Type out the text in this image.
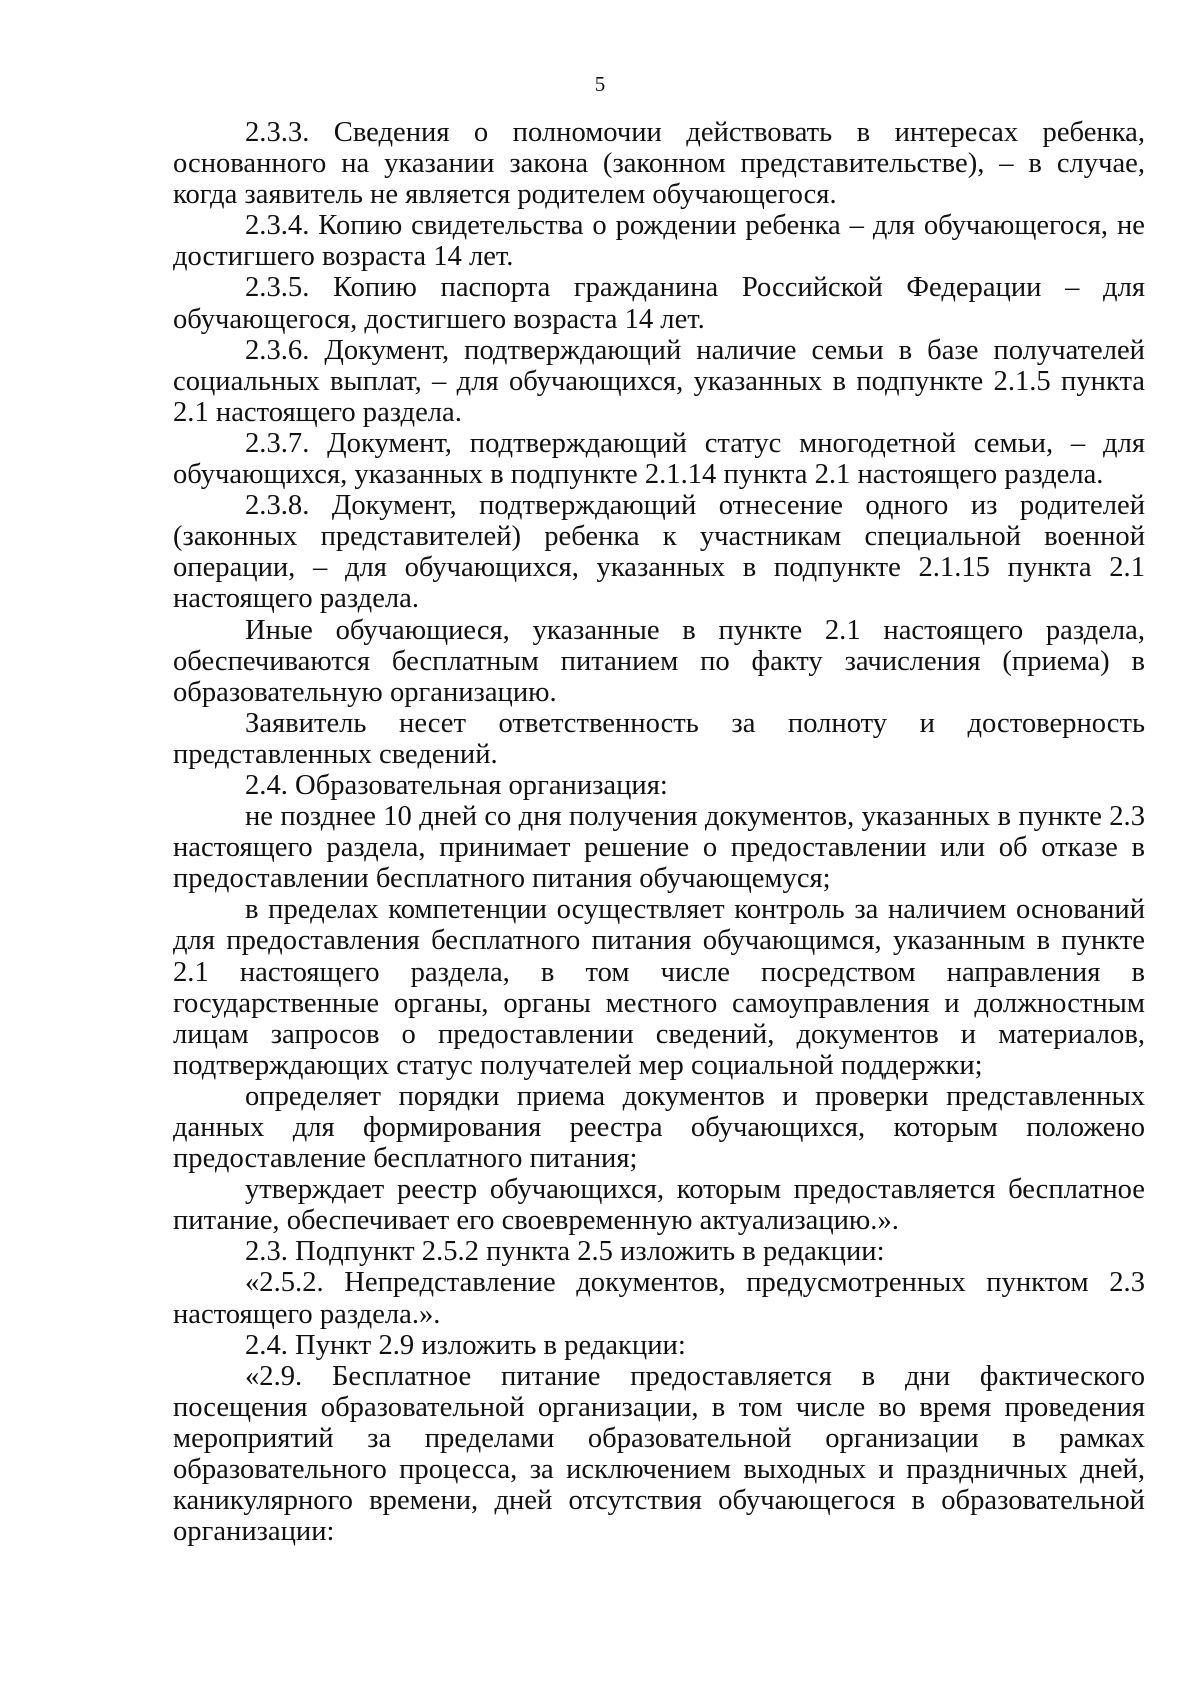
5

2.3.3. Сведения о полномочии действовать в интересах ребенка, основанного на указании закона (законном представительстве), – в случае, когда заявитель не является родителем обучающегося.

2.3.4. Копию свидетельства о рождении ребенка – для обучающегося, не достигшего возраста 14 лет.

2.3.5. Копию паспорта гражданина Российской Федерации – для обучающегося, достигшего возраста 14 лет.

2.3.6. Документ, подтверждающий наличие семьи в базе получателей социальных выплат, – для обучающихся, указанных в подпункте 2.1.5 пункта 2.1 настоящего раздела.

2.3.7. Документ, подтверждающий статус многодетной семьи, – для обучающихся, указанных в подпункте 2.1.14 пункта 2.1 настоящего раздела.

2.3.8. Документ, подтверждающий отнесение одного из родителей (законных представителей) ребенка к участникам специальной военной операции, – для обучающихся, указанных в подпункте 2.1.15 пункта 2.1 настоящего раздела.

Иные обучающиеся, указанные в пункте 2.1 настоящего раздела, обеспечиваются бесплатным питанием по факту зачисления (приема) в образовательную организацию.

Заявитель несет ответственность за полноту и достоверность представленных сведений.

2.4. Образовательная организация:

не позднее 10 дней со дня получения документов, указанных в пункте 2.3 настоящего раздела, принимает решение о предоставлении или об отказе в предоставлении бесплатного питания обучающемуся;

в пределах компетенции осуществляет контроль за наличием оснований для предоставления бесплатного питания обучающимся, указанным в пункте 2.1 настоящего раздела, в том числе посредством направления в государственные органы, органы местного самоуправления и должностным лицам запросов о предоставлении сведений, документов и материалов, подтверждающих статус получателей мер социальной поддержки;

определяет порядки приема документов и проверки представленных данных для формирования реестра обучающихся, которым положено предоставление бесплатного питания;

утверждает реестр обучающихся, которым предоставляется бесплатное питание, обеспечивает его своевременную актуализацию.».

2.3. Подпункт 2.5.2 пункта 2.5 изложить в редакции:

«2.5.2. Непредставление документов, предусмотренных пунктом 2.3 настоящего раздела.».

2.4. Пункт 2.9 изложить в редакции:

«2.9. Бесплатное питание предоставляется в дни фактического посещения образовательной организации, в том числе во время проведения мероприятий за пределами образовательной организации в рамках образовательного процесса, за исключением выходных и праздничных дней, каникулярного времени, дней отсутствия обучающегося в образовательной организации:
